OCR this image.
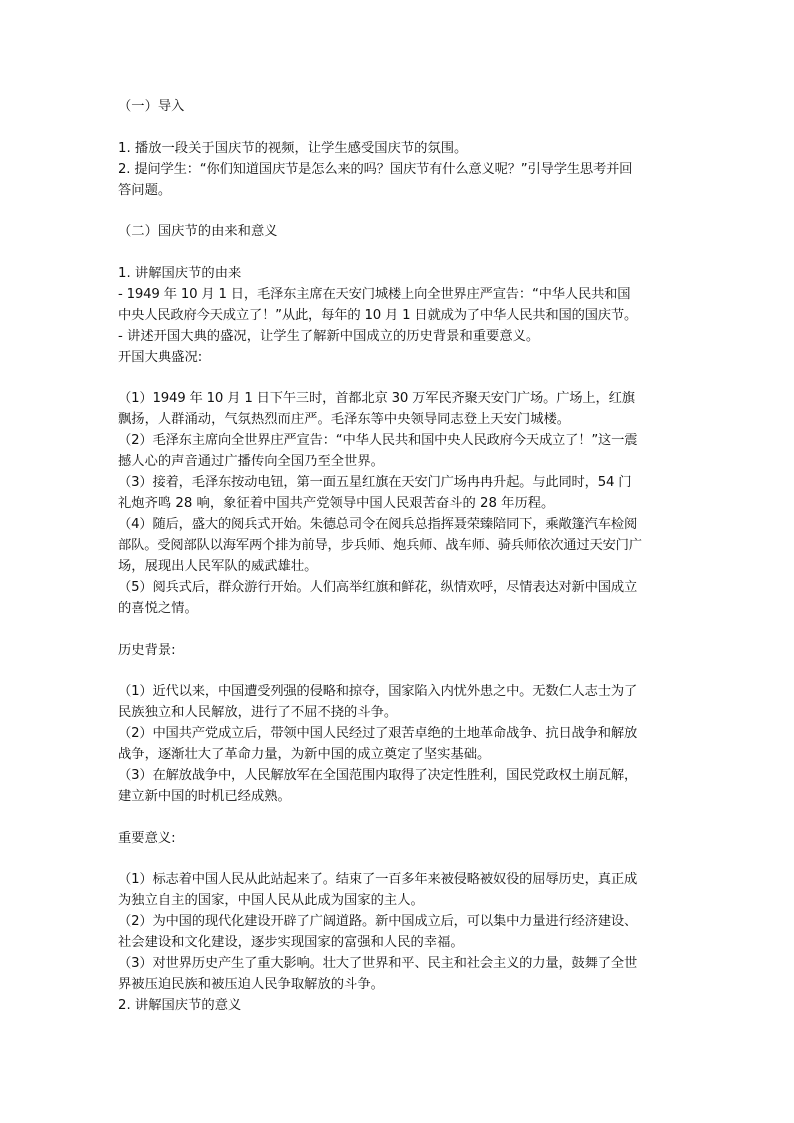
（一）导入

1. 播放一段关于国庆节的视频，让学生感受国庆节的氛围。

2. 提问学生：“你们知道国庆节是怎么来的吗？国庆节有什么意义呢？”引导学生思考并回

答问题。

（二）国庆节的由来和意义

1. 讲解国庆节的由来

- 1949 年 10 月 1 日，毛泽东主席在天安门城楼上向全世界庄严宣告：“中华人民共和国

中央人民政府今天成立了！”从此，每年的 10 月 1 日就成为了中华人民共和国的国庆节。

- 讲述开国大典的盛况，让学生了解新中国成立的历史背景和重要意义。

开国大典盛况:

（1）1949 年 10 月 1 日下午三时，首都北京 30 万军民齐聚天安门广场。广场上，红旗

飘扬，人群涌动，气氛热烈而庄严。毛泽东等中央领导同志登上天安门城楼。

（2）毛泽东主席向全世界庄严宣告：“中华人民共和国中央人民政府今天成立了！”这一震

撼人心的声音通过广播传向全国乃至全世界。

（3）接着，毛泽东按动电钮，第一面五星红旗在天安门广场冉冉升起。与此同时，54 门

礼炮齐鸣 28 响，象征着中国共产党领导中国人民艰苦奋斗的 28 年历程。

（4）随后，盛大的阅兵式开始。朱德总司令在阅兵总指挥聂荣臻陪同下，乘敞篷汽车检阅

部队。受阅部队以海军两个排为前导，步兵师、炮兵师、战车师、骑兵师依次通过天安门广

场，展现出人民军队的威武雄壮。

（5）阅兵式后，群众游行开始。人们高举红旗和鲜花，纵情欢呼，尽情表达对新中国成立

的喜悦之情。

历史背景:

（1）近代以来，中国遭受列强的侵略和掠夺，国家陷入内忧外患之中。无数仁人志士为了

民族独立和人民解放，进行了不屈不挠的斗争。

（2）中国共产党成立后，带领中国人民经过了艰苦卓绝的土地革命战争、抗日战争和解放

战争，逐渐壮大了革命力量，为新中国的成立奠定了坚实基础。

（3）在解放战争中，人民解放军在全国范围内取得了决定性胜利，国民党政权土崩瓦解，

建立新中国的时机已经成熟。

重要意义:

（1）标志着中国人民从此站起来了。结束了一百多年来被侵略被奴役的屈辱历史，真正成

为独立自主的国家，中国人民从此成为国家的主人。

（2）为中国的现代化建设开辟了广阔道路。新中国成立后，可以集中力量进行经济建设、

社会建设和文化建设，逐步实现国家的富强和人民的幸福。

（3）对世界历史产生了重大影响。壮大了世界和平、民主和社会主义的力量，鼓舞了全世

界被压迫民族和被压迫人民争取解放的斗争。

2. 讲解国庆节的意义
